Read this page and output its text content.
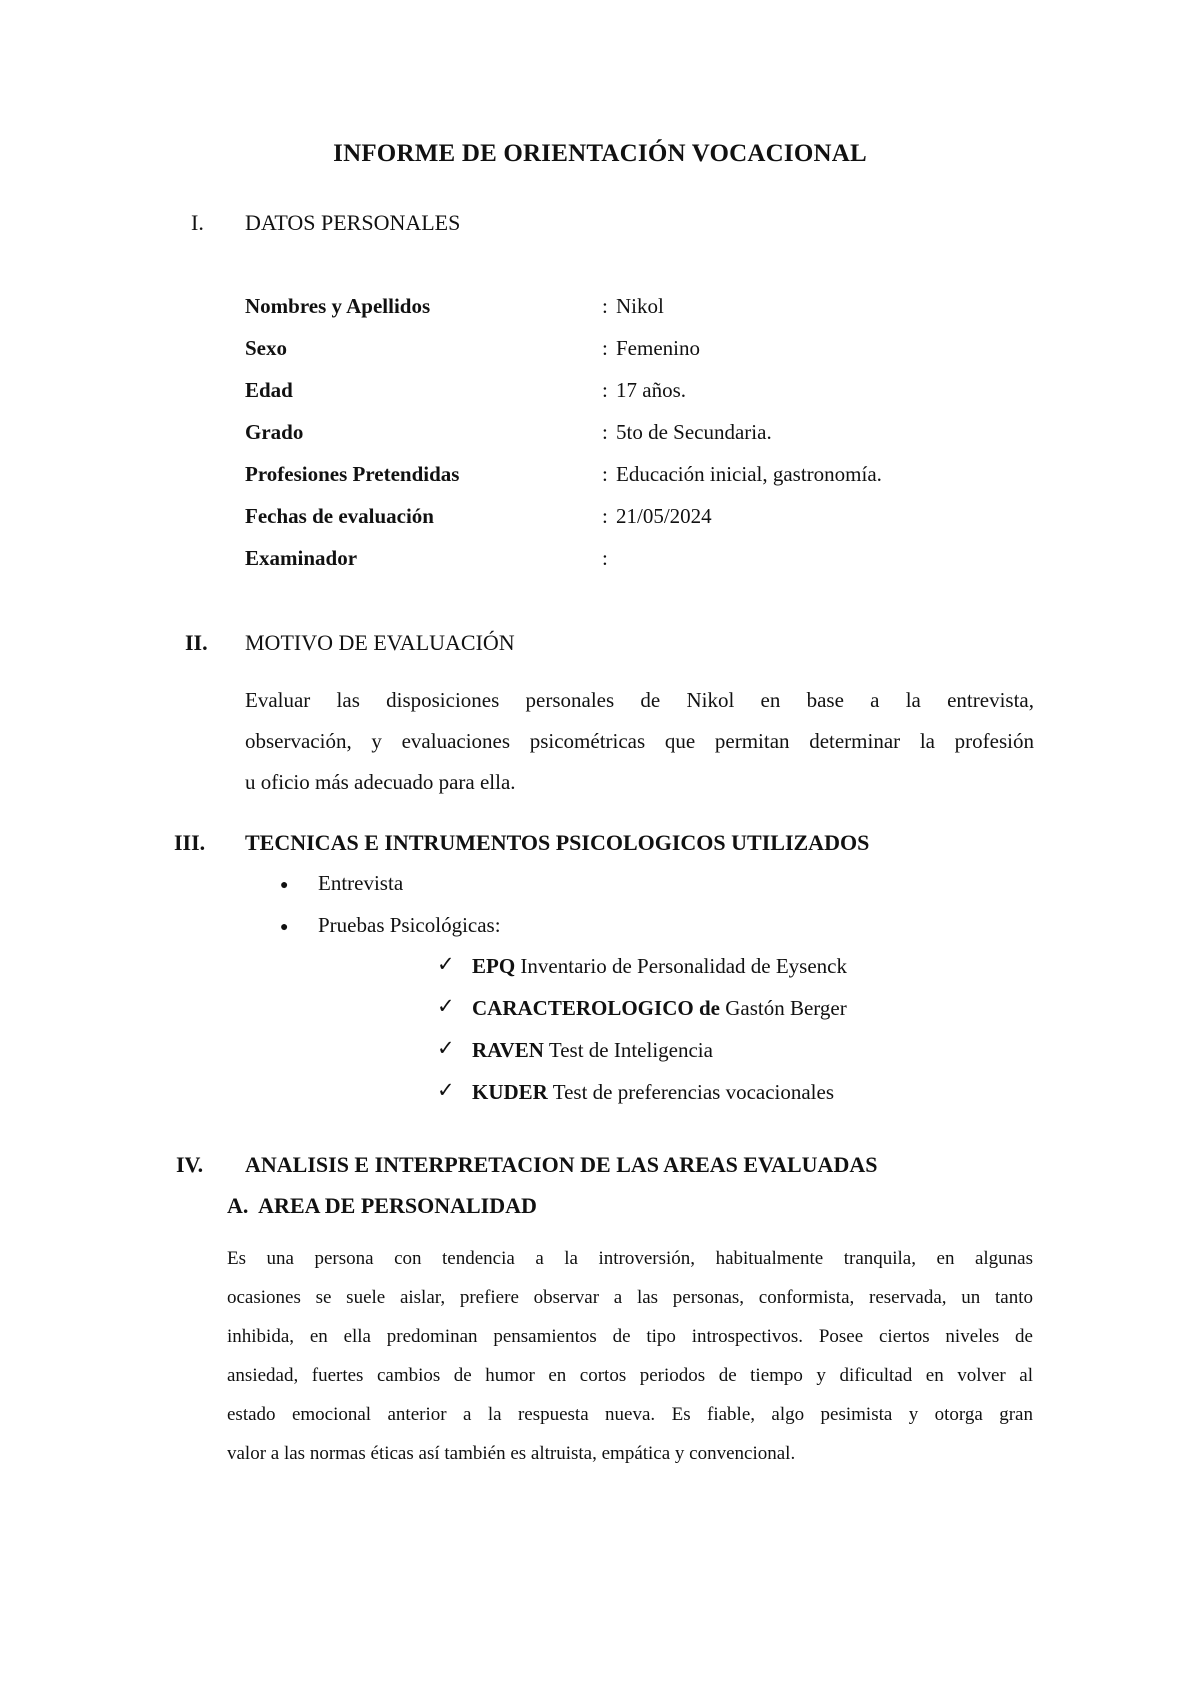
INFORME DE ORIENTACIÓN VOCACIONAL
I. DATOS PERSONALES
Nombres y Apellidos	: Nikol
Sexo	: Femenino
Edad	: 17 años.
Grado	: 5to de Secundaria.
Profesiones Pretendidas	: Educación inicial, gastronomía.
Fechas de evaluación	: 21/05/2024
Examinador	:
II. MOTIVO DE EVALUACIÓN
Evaluar las disposiciones personales de Nikol en base a la entrevista,
observación, y evaluaciones psicométricas que permitan determinar la profesión
u oficio más adecuado para ella.
III. TECNICAS E INTRUMENTOS PSICOLOGICOS UTILIZADOS
● Entrevista
● Pruebas Psicológicas:
✓ EPQ Inventario de Personalidad de Eysenck
✓ CARACTEROLOGICO de Gastón Berger
✓ RAVEN Test de Inteligencia
✓ KUDER Test de preferencias vocacionales
IV. ANALISIS E INTERPRETACION DE LAS AREAS EVALUADAS
A.  AREA DE PERSONALIDAD
Es una persona con tendencia a la introversión, habitualmente tranquila, en algunas
ocasiones se suele aislar, prefiere observar a las personas, conformista, reservada, un tanto
inhibida, en ella predominan pensamientos de tipo introspectivos. Posee ciertos niveles de
ansiedad, fuertes cambios de humor en cortos periodos de tiempo y dificultad en volver al
estado emocional anterior a la respuesta nueva. Es fiable, algo pesimista y otorga gran
valor a las normas éticas así también es altruista, empática y convencional.
